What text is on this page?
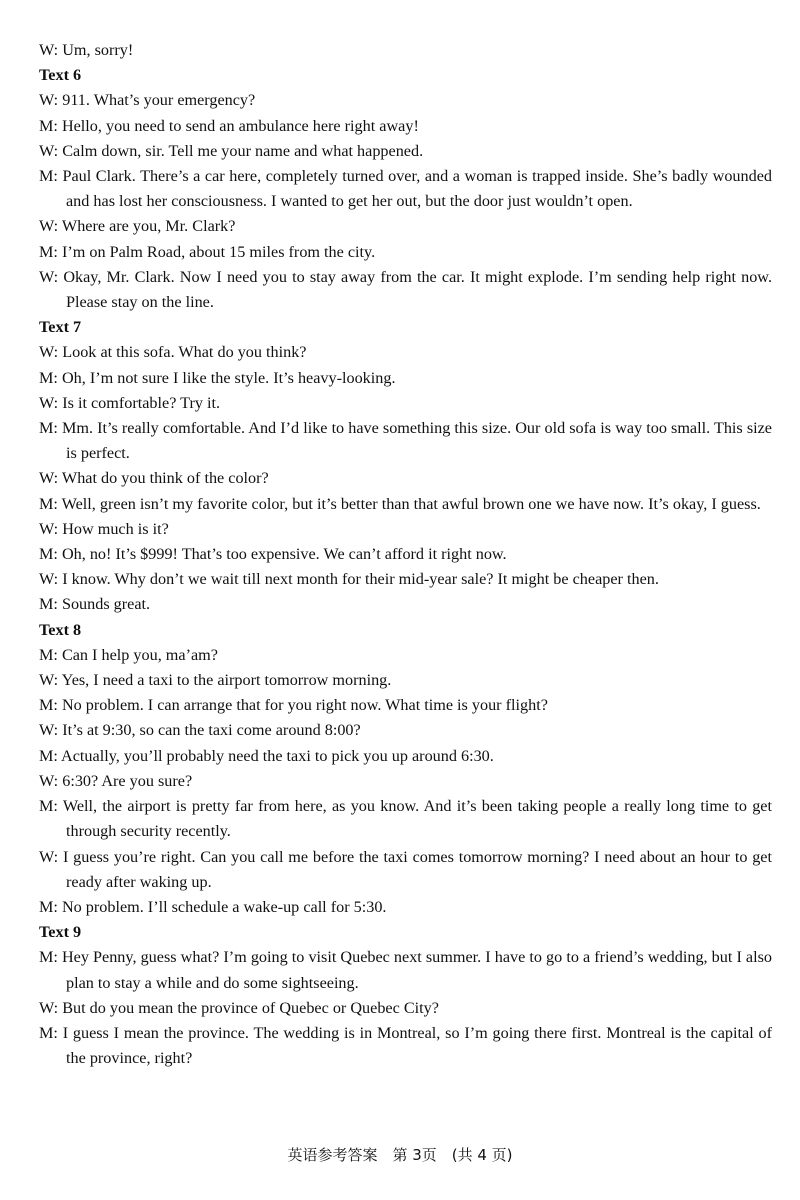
W: Um, sorry!
Text 6
W: 911. What’s your emergency?
M: Hello, you need to send an ambulance here right away!
W: Calm down, sir. Tell me your name and what happened.
M: Paul Clark. There’s a car here, completely turned over, and a woman is trapped inside. She’s badly wounded and has lost her consciousness. I wanted to get her out, but the door just wouldn’t open.
W: Where are you, Mr. Clark?
M: I’m on Palm Road, about 15 miles from the city.
W: Okay, Mr. Clark. Now I need you to stay away from the car. It might explode. I’m sending help right now. Please stay on the line.
Text 7
W: Look at this sofa. What do you think?
M: Oh, I’m not sure I like the style. It’s heavy-looking.
W: Is it comfortable? Try it.
M: Mm. It’s really comfortable. And I’d like to have something this size. Our old sofa is way too small. This size is perfect.
W: What do you think of the color?
M: Well, green isn’t my favorite color, but it’s better than that awful brown one we have now. It’s okay, I guess.
W: How much is it?
M: Oh, no! It’s $999! That’s too expensive. We can’t afford it right now.
W: I know. Why don’t we wait till next month for their mid-year sale? It might be cheaper then.
M: Sounds great.
Text 8
M: Can I help you, ma’am?
W: Yes, I need a taxi to the airport tomorrow morning.
M: No problem. I can arrange that for you right now. What time is your flight?
W: It’s at 9:30, so can the taxi come around 8:00?
M: Actually, you’ll probably need the taxi to pick you up around 6:30.
W: 6:30? Are you sure?
M: Well, the airport is pretty far from here, as you know. And it’s been taking people a really long time to get through security recently.
W: I guess you’re right. Can you call me before the taxi comes tomorrow morning? I need about an hour to get ready after waking up.
M: No problem. I’ll schedule a wake-up call for 5:30.
Text 9
M: Hey Penny, guess what? I’m going to visit Quebec next summer. I have to go to a friend’s wedding, but I also plan to stay a while and do some sightseeing.
W: But do you mean the province of Quebec or Quebec City?
M: I guess I mean the province. The wedding is in Montreal, so I’m going there first. Montreal is the capital of the province, right?
英语参考答案　第 3页　(共 4 页)
